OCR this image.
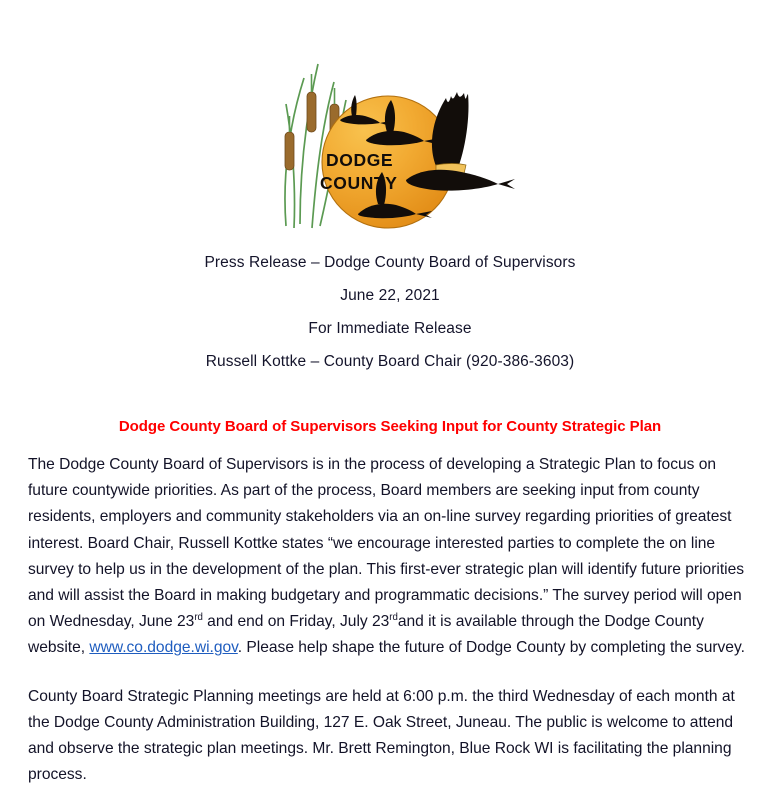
DODGE
COUNTY
Press Release – Dodge County Board of Supervisors
June 22, 2021
For Immediate Release
Russell Kottke – County Board Chair (920-386-3603)
Dodge County Board of Supervisors Seeking Input for County Strategic Plan

The Dodge County Board of Supervisors is in the process of developing a Strategic Plan to focus on future countywide priorities. As part of the process, Board members are seeking input from county residents, employers and community stakeholders via an on-line survey regarding priorities of greatest interest. Board Chair, Russell Kottke states “we encourage interested parties to complete the on line survey to help us in the development of the plan. This first-ever strategic plan will identify future priorities and will assist the Board in making budgetary and programmatic decisions.” The survey period will open on Wednesday, June 23rd and end on Friday, July 23rdand it is available through the Dodge County website, www.co.dodge.wi.gov. Please help shape the future of Dodge County by completing the survey.

County Board Strategic Planning meetings are held at 6:00 p.m. the third Wednesday of each month at the Dodge County Administration Building, 127 E. Oak Street, Juneau. The public is welcome to attend and observe the strategic plan meetings. Mr. Brett Remington, Blue Rock WI is facilitating the planning process.
